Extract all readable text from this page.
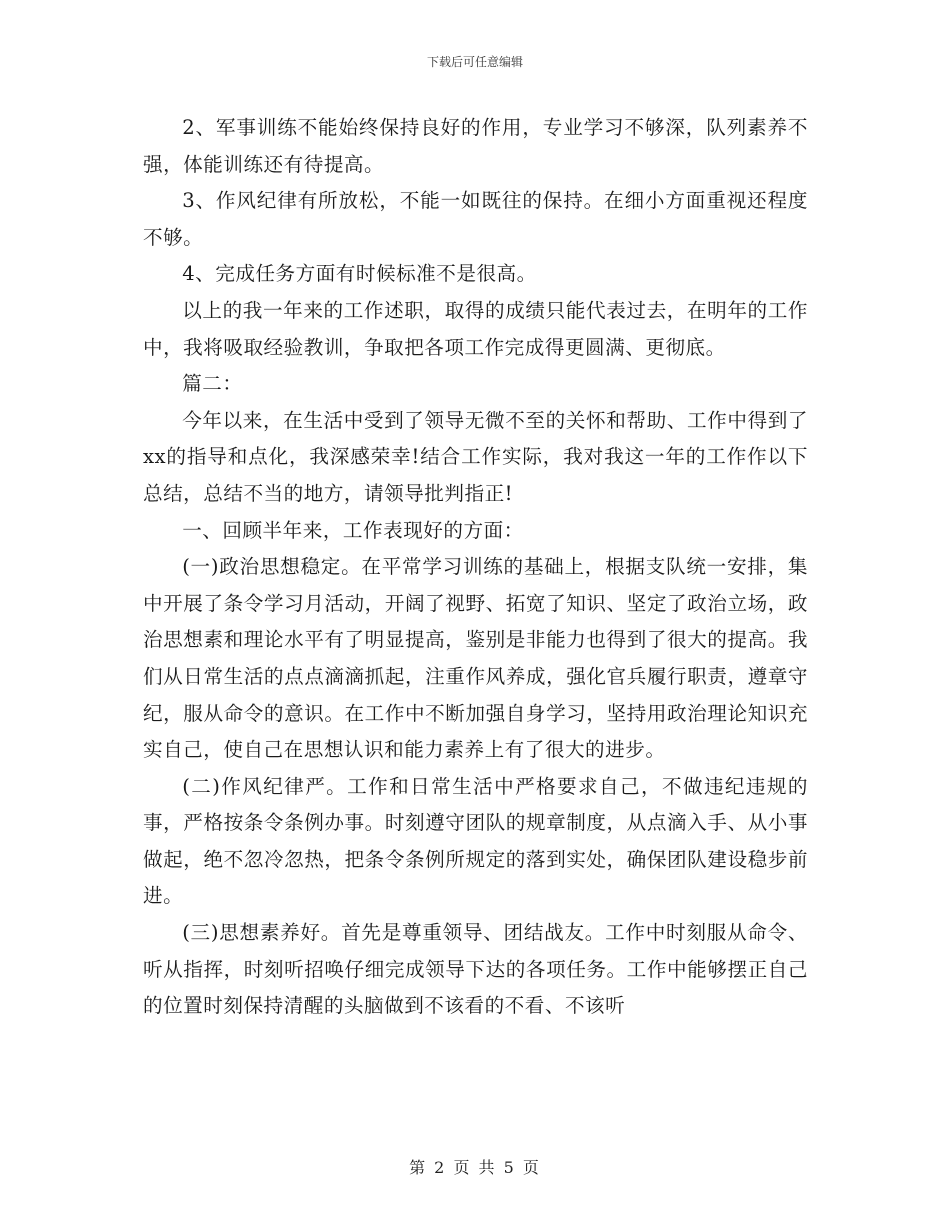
下载后可任意编辑

2、军事训练不能始终保持良好的作用，专业学习不够深，队列素养不强，体能训练还有待提高。

3、作风纪律有所放松，不能一如既往的保持。在细小方面重视还程度不够。

4、完成任务方面有时候标准不是很高。

以上的我一年来的工作述职，取得的成绩只能代表过去，在明年的工作中，我将吸取经验教训，争取把各项工作完成得更圆满、更彻底。

篇二：

今年以来，在生活中受到了领导无微不至的关怀和帮助、工作中得到了xx的指导和点化，我深感荣幸!结合工作实际，我对我这一年的工作作以下总结，总结不当的地方，请领导批判指正!

一、回顾半年来，工作表现好的方面：

(一)政治思想稳定。在平常学习训练的基础上，根据支队统一安排，集中开展了条令学习月活动，开阔了视野、拓宽了知识、坚定了政治立场，政治思想素和理论水平有了明显提高，鉴别是非能力也得到了很大的提高。我们从日常生活的点点滴滴抓起，注重作风养成，强化官兵履行职责，遵章守纪，服从命令的意识。在工作中不断加强自身学习，坚持用政治理论知识充实自己，使自己在思想认识和能力素养上有了很大的进步。

(二)作风纪律严。工作和日常生活中严格要求自己，不做违纪违规的事，严格按条令条例办事。时刻遵守团队的规章制度，从点滴入手、从小事做起，绝不忽冷忽热，把条令条例所规定的落到实处，确保团队建设稳步前进。

(三)思想素养好。首先是尊重领导、团结战友。工作中时刻服从命令、听从指挥，时刻听招唤仔细完成领导下达的各项任务。工作中能够摆正自己的位置时刻保持清醒的头脑做到不该看的不看、不该听

第 2 页 共 5 页
